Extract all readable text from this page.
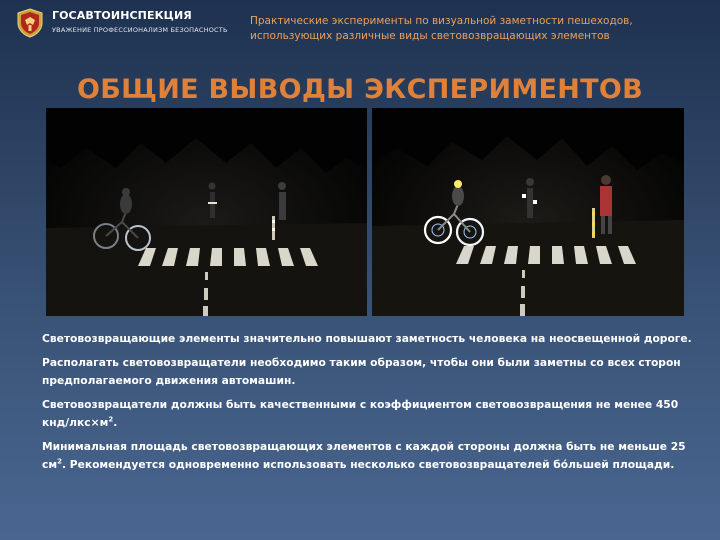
ГОСАВТОИНСПЕКЦИЯ

УВАЖЕНИЕ ПРОФЕССИОНАЛИЗМ БЕЗОПАСНОСТЬ

Практические эксперименты по визуальной заметности пешеходов,
использующих различные виды световозвращающих элементов
ОБЩИЕ ВЫВОДЫ ЭКСПЕРИМЕНТОВ

Световозвращающие элементы значительно повышают заметность человека на неосвещенной дороге.

Располагать световозвращатели необходимо таким образом, чтобы они были заметны со всех сторон предполагаемого движения автомашин.

Световозвращатели должны быть качественными с коэффициентом световозвращения не менее 450 кнд/$лкс\times м^2$.

Минимальная площадь световозвращающих элементов с каждой стороны должна быть не меньше 25 $см^2$. Рекомендуется одновременно использовать несколько световозвращателей бо́льшей площади.
